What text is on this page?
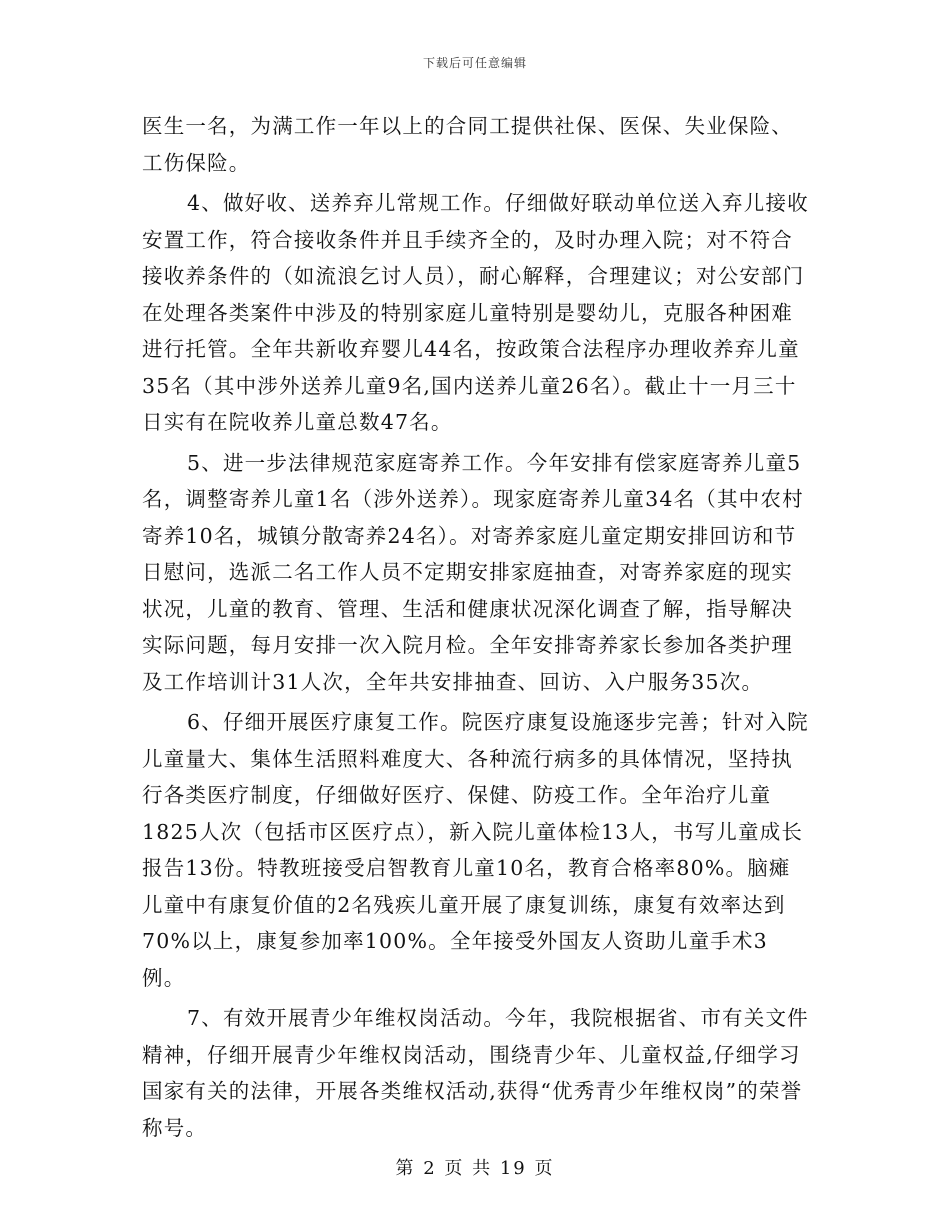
下载后可任意编辑

医生一名，为满工作一年以上的合同工提供社保、医保、失业保险、工伤保险。

4、做好收、送养弃儿常规工作。仔细做好联动单位送入弃儿接收安置工作，符合接收条件并且手续齐全的，及时办理入院；对不符合接收养条件的（如流浪乞讨人员），耐心解释，合理建议；对公安部门在处理各类案件中涉及的特别家庭儿童特别是婴幼儿，克服各种困难进行托管。全年共新收弃婴儿44名，按政策合法程序办理收养弃儿童35名（其中涉外送养儿童9名,国内送养儿童26名）。截止十一月三十日实有在院收养儿童总数47名。

5、进一步法律规范家庭寄养工作。今年安排有偿家庭寄养儿童5名，调整寄养儿童1名（涉外送养）。现家庭寄养儿童34名（其中农村寄养10名，城镇分散寄养24名）。对寄养家庭儿童定期安排回访和节日慰问，选派二名工作人员不定期安排家庭抽查，对寄养家庭的现实状况，儿童的教育、管理、生活和健康状况深化调查了解，指导解决实际问题，每月安排一次入院月检。全年安排寄养家长参加各类护理及工作培训计31人次，全年共安排抽查、回访、入户服务35次。

6、仔细开展医疗康复工作。院医疗康复设施逐步完善；针对入院儿童量大、集体生活照料难度大、各种流行病多的具体情况，坚持执行各类医疗制度，仔细做好医疗、保健、防疫工作。全年治疗儿童1825人次（包括市区医疗点），新入院儿童体检13人，书写儿童成长报告13份。特教班接受启智教育儿童10名，教育合格率80%。脑瘫儿童中有康复价值的2名残疾儿童开展了康复训练，康复有效率达到70%以上，康复参加率100%。全年接受外国友人资助儿童手术3 例。

7、有效开展青少年维权岗活动。今年，我院根据省、市有关文件精神，仔细开展青少年维权岗活动，围绕青少年、儿童权益,仔细学习国家有关的法律，开展各类维权活动,获得“优秀青少年维权岗”的荣誉称号。

第 2 页 共 19 页
